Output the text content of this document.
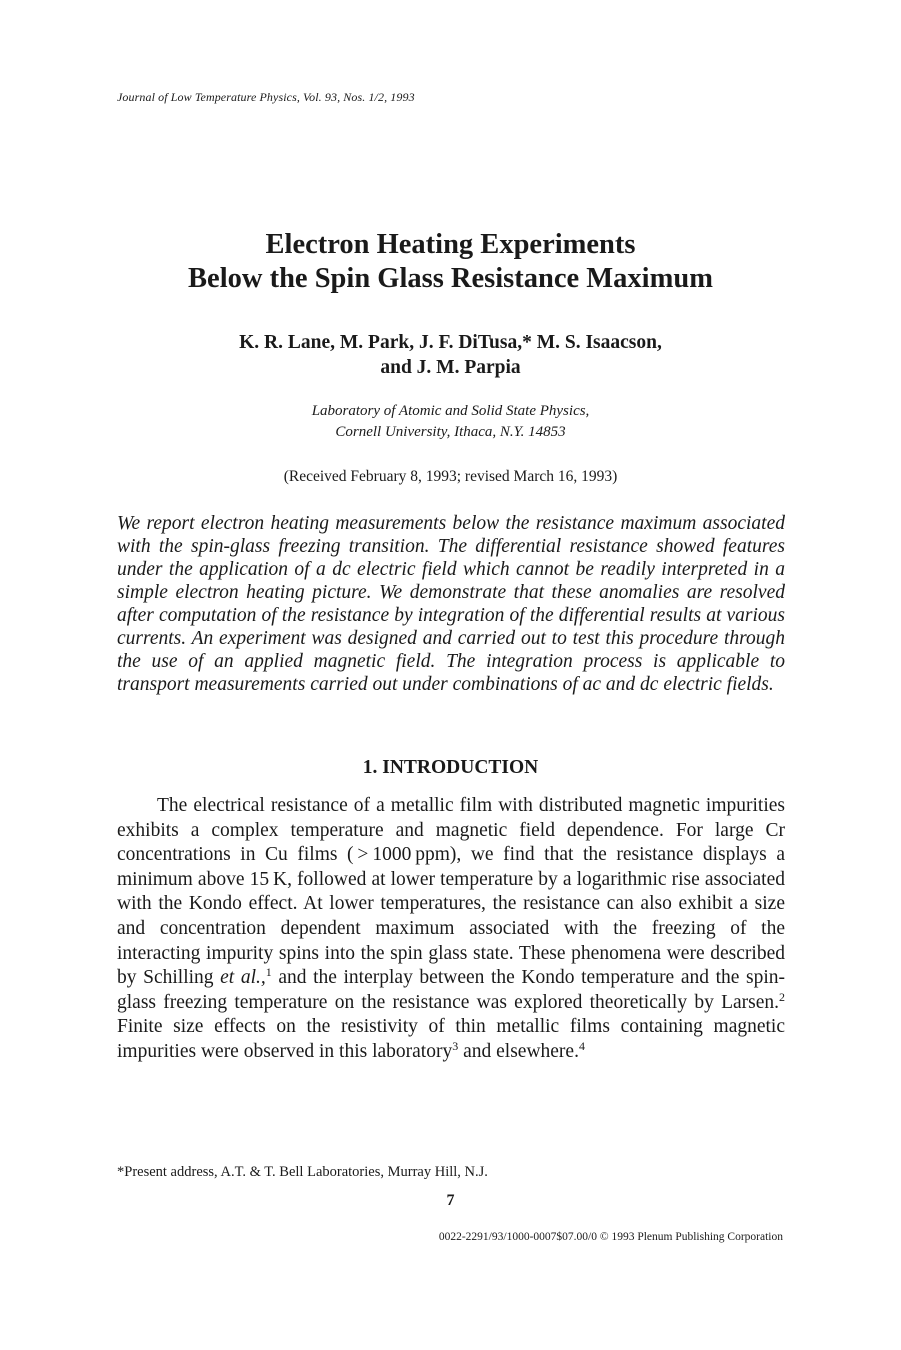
Journal of Low Temperature Physics, Vol. 93, Nos. 1/2, 1993
Electron Heating Experiments
Below the Spin Glass Resistance Maximum
K. R. Lane, M. Park, J. F. DiTusa,* M. S. Isaacson,
and J. M. Parpia
Laboratory of Atomic and Solid State Physics,
Cornell University, Ithaca, N.Y. 14853
(Received February 8, 1993; revised March 16, 1993)

We report electron heating measurements below the resistance maximum associated with the spin-glass freezing transition. The differential resistance showed features under the application of a dc electric field which cannot be readily interpreted in a simple electron heating picture. We demonstrate that these anomalies are resolved after computation of the resistance by integration of the differential results at various currents. An experiment was designed and carried out to test this procedure through the use of an applied magnetic field. The integration process is applicable to transport measurements carried out under combinations of ac and dc electric fields.

1. INTRODUCTION

The electrical resistance of a metallic film with distributed magnetic impurities exhibits a complex temperature and magnetic field dependence. For large Cr concentrations in Cu films ( > 1000 ppm), we find that the resistance displays a minimum above 15 K, followed at lower temperature by a logarithmic rise associated with the Kondo effect. At lower temperatures, the resistance can also exhibit a size and concentration dependent maximum associated with the freezing of the interacting impurity spins into the spin glass state. These phenomena were described by Schilling et al.,$^1$ and the interplay between the Kondo temperature and the spin-glass freezing temperature on the resistance was explored theoretically by Larsen.$^2$ Finite size effects on the resistivity of thin metallic films containing magnetic impurities were observed in this laboratory$^3$ and elsewhere.$^4$

*Present address, A.T. & T. Bell Laboratories, Murray Hill, N.J.
7
0022-2291/93/1000-0007$07.00/0 © 1993 Plenum Publishing Corporation
